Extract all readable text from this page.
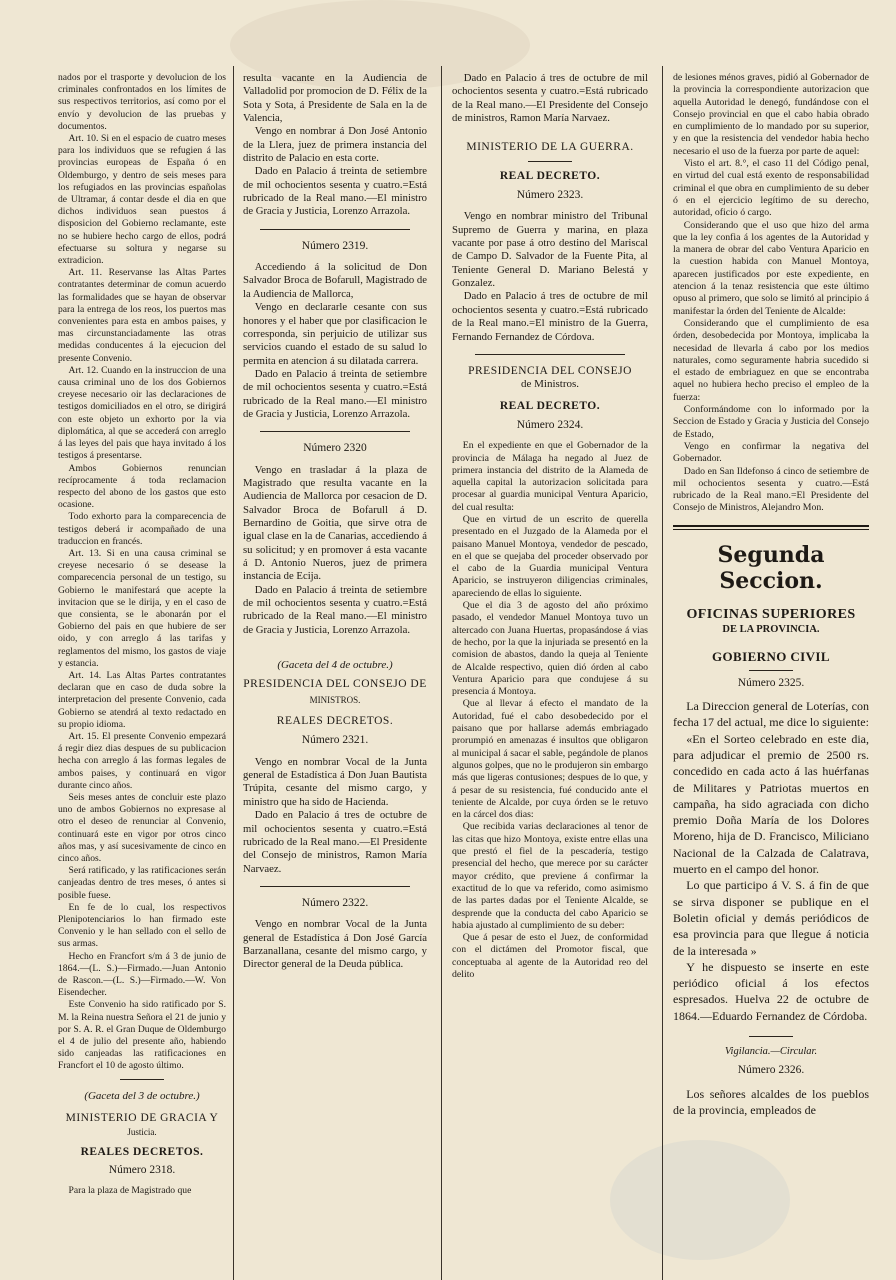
nados por el trasporte y devolucion de los criminales confrontados en los límites de sus respectivos territorios, así como por el envío y devolucion de las pruebas y documentos.

Art. 10. Si en el espacio de cuatro meses para los individuos que se refugien á las provincias europeas de España ó en Oldemburgo, y dentro de seis meses para los refugiados en las provincias españolas de Ultramar, á contar desde el dia en que dichos individuos sean puestos á disposicion del Gobierno reclamante, este no se hubiere hecho cargo de ellos, podrá efectuarse su soltura y negarse su extradicion.

Art. 11. Reservanse las Altas Partes contratantes determinar de comun acuerdo las formalidades que se hayan de observar para la entrega de los reos, los puertos mas convenientes para esta en ambos paises, y mas circunstanciadamente las otras medidas conducentes á la ejecucion del presente Convenio.

Art. 12. Cuando en la instruccion de una causa criminal uno de los dos Gobiernos creyese necesario oir las declaraciones de testigos domiciliados en el otro, se dirigirá con este objeto un exhorto por la via diplomática, al que se accederá con arreglo á las leyes del pais que haya invitado á los testigos á presentarse.

Ambos Gobiernos renuncian recíprocamente á toda reclamacion respecto del abono de los gastos que esto ocasione.

Todo exhorto para la comparecencia de testigos deberá ir acompañado de una traduccion en francés.

Art. 13. Si en una causa criminal se creyese necesario ó se desease la comparecencia personal de un testigo, su Gobierno le manifestará que acepte la invitacion que se le dirija, y en el caso de que consienta, se le abonarán por el Gobierno del pais en que hubiere de ser oido, y con arreglo á las tarifas y reglamentos del mismo, los gastos de viaje y estancia.

Art. 14. Las Altas Partes contratantes declaran que en caso de duda sobre la interpretacion del presente Convenio, cada Gobierno se atendrá al texto redactado en su propio idioma.

Art. 15. El presente Convenio empezará á regir diez dias despues de su publicacion hecha con arreglo á las formas legales de ambos paises, y continuará en vigor durante cinco años.

Seis meses antes de concluir este plazo uno de ambos Gobiernos no expresase al otro el deseo de renunciar al Convenio, continuará este en vigor por otros cinco años mas, y así sucesivamente de cinco en cinco años.

Será ratificado, y las ratificaciones serán canjeadas dentro de tres meses, ó antes si posible fuese.

En fe de lo cual, los respectivos Plenipotenciarios lo han firmado este Convenio y le han sellado con el sello de sus armas.

Hecho en Francfort s/m á 3 de junio de 1864.—(L. S.)—Firmado.—Juan Antonio de Rascon.—(L. S.)—Firmado.—W. Von Eisendecher.

Este Convenio ha sido ratificado por S. M. la Reina nuestra Señora el 21 de junio y por S. A. R. el Gran Duque de Oldemburgo el 4 de julio del presente año, habiendo sido canjeadas las ratificaciones en Francfort el 10 de agosto último.

(Gaceta del 3 de octubre.)
MINISTERIO DE GRACIA Y
Justicia.
REALES DECRETOS.
Número 2318.

Para la plaza de Magistrado que

resulta vacante en la Audiencia de Valladolid por promocion de D. Félix de la Sota y Sota, á Presidente de Sala en la de Valencia,

Vengo en nombrar á Don José Antonio de la Llera, juez de primera instancia del distrito de Palacio en esta corte.

Dado en Palacio á treinta de setiembre de mil ochocientos sesenta y cuatro.=Está rubricado de la Real mano.—El ministro de Gracia y Justicia, Lorenzo Arrazola.

Número 2319.

Accediendo á la solicitud de Don Salvador Broca de Bofarull, Magistrado de la Audiencia de Mallorca,

Vengo en declararle cesante con sus honores y el haber que por clasificacion le corresponda, sin perjuicio de utilizar sus servicios cuando el estado de su salud lo permita en atencion á su dilatada carrera.

Dado en Palacio á treinta de setiembre de mil ochocientos sesenta y cuatro.=Está rubricado de la Real mano.—El ministro de Gracia y Justicia, Lorenzo Arrazola.

Número 2320

Vengo en trasladar á la plaza de Magistrado que resulta vacante en la Audiencia de Mallorca por cesacion de D. Salvador Broca de Bofarull á D. Bernardino de Goitia, que sirve otra de igual clase en la de Canarias, accediendo á su solicitud; y en promover á esta vacante á D. Antonio Nueros, juez de primera instancia de Ecija.

Dado en Palacio á treinta de setiembre de mil ochocientos sesenta y cuatro.=Está rubricado de la Real mano.—El ministro de Gracia y Justicia, Lorenzo Arrazola.

(Gaceta del 4 de octubre.)
PRESIDENCIA DEL CONSEJO DE
MINISTROS.
REALES DECRETOS.
Número 2321.

Vengo en nombrar Vocal de la Junta general de Estadística á Don Juan Bautista Trúpita, cesante del mismo cargo, y ministro que ha sido de Hacienda.

Dado en Palacio á tres de octubre de mil ochocientos sesenta y cuatro.=Está rubricado de la Real mano.—El Presidente del Consejo de ministros, Ramon María Narvaez.

Número 2322.

Vengo en nombrar Vocal de la Junta general de Estadística á Don José García Barzanallana, cesante del mismo cargo, y Director general de la Deuda pública.

Dado en Palacio á tres de octubre de mil ochocientos sesenta y cuatro.=Está rubricado de la Real mano.—El Presidente del Consejo de ministros, Ramon María Narvaez.

MINISTERIO DE LA GUERRA.
REAL DECRETO.
Número 2323.

Vengo en nombrar ministro del Tribunal Supremo de Guerra y marina, en plaza vacante por pase á otro destino del Mariscal de Campo D. Salvador de la Fuente Pita, al Teniente General D. Mariano Belestá y Gonzalez.

Dado en Palacio á tres de octubre de mil ochocientos sesenta y cuatro.=Está rubricado de la Real mano.=El ministro de la Guerra, Fernando Fernandez de Córdova.

PRESIDENCIA DEL CONSEJO
de Ministros.
REAL DECRETO.
Número 2324.

En el expediente en que el Gobernador de la provincia de Málaga ha negado al Juez de primera instancia del distrito de la Alameda de aquella capital la autorizacion solicitada para procesar al guardia municipal Ventura Aparicio, del cual resulta:

Que en virtud de un escrito de querella presentado en el Juzgado de la Alameda por el paisano Manuel Montoya, vendedor de pescado, en el que se quejaba del proceder observado por el cabo de la Guardia municipal Ventura Aparicio, se instruyeron diligencias criminales, apareciendo de ellas lo siguiente.

Que el dia 3 de agosto del año próximo pasado, el vendedor Manuel Montoya tuvo un altercado con Juana Huertas, propasándose á vias de hecho, por la que la injuriada se presentó en la comision de abastos, dando la queja al Teniente de Alcalde respectivo, quien dió órden al cabo Ventura Aparicio para que condujese á su presencia á Montoya.

Que al llevar á efecto el mandato de la Autoridad, fué el cabo desobedecido por el paisano que por hallarse además embriagado prorumpió en amenazas é insultos que obligaron al municipal á sacar el sable, pegándole de planos algunos golpes, que no le produjeron sin embargo más que ligeras contusiones; despues de lo que, y á pesar de su resistencia, fué conducido ante el teniente de Alcalde, por cuya órden se le retuvo en la cárcel dos dias:

Que recibida varias declaraciones al tenor de las citas que hizo Montoya, existe entre ellas una que prestó el fiel de la pescadería, testigo presencial del hecho, que merece por su carácter mayor crédito, que previene á confirmar la exactitud de lo que va referido, como asimismo de las partes dadas por el Teniente Alcalde, se desprende que la conducta del cabo Aparicio se habia ajustado al cumplimiento de su deber:

Que á pesar de esto el Juez, de conformidad con el dictámen del Promotor fiscal, que conceptuaba al agente de la Autoridad reo del delito

de lesiones ménos graves, pidió al Gobernador de la provincia la correspondiente autorizacion que aquella Autoridad le denegó, fundándose con el Consejo provincial en que el cabo habia obrado en cumplimiento de lo mandado por su superior, y en que la resistencia del vendedor habia hecho necesario el uso de la fuerza por parte de aquel:

Visto el art. 8.°, el caso 11 del Código penal, en virtud del cual está exento de responsabilidad criminal el que obra en cumplimiento de su deber ó en el ejercicio legítimo de su derecho, autoridad, oficio ó cargo.

Considerando que el uso que hizo del arma que la ley confia á los agentes de la Autoridad y la manera de obrar del cabo Ventura Aparicio en la cuestion habida con Manuel Montoya, aparecen justificados por este expediente, en atencion á la tenaz resistencia que este último opuso al primero, que solo se limitó al principio á manifestar la órden del Teniente de Alcalde:

Considerando que el cumplimiento de esa órden, desobedecida por Montoya, implicaba la necesidad de llevarla á cabo por los medios naturales, como seguramente habria sucedido si el estado de embriaguez en que se encontraba aquel no hubiera hecho preciso el empleo de la fuerza:

Conformándome con lo informado por la Seccion de Estado y Gracia y Justicia del Consejo de Estado,

Vengo en confirmar la negativa del Gobernador.

Dado en San Ildefonso á cinco de setiembre de mil ochocientos sesenta y cuatro.—Está rubricado de la Real mano.=El Presidente del Consejo de Ministros, Alejandro Mon.

Segunda Seccion.
OFICINAS SUPERIORES
DE LA PROVINCIA.
GOBIERNO CIVIL
Número 2325.

La Direccion general de Loterías, con fecha 17 del actual, me dice lo siguiente:

«En el Sorteo celebrado en este dia, para adjudicar el premio de 2500 rs. concedido en cada acto á las huérfanas de Militares y Patriotas muertos en campaña, ha sido agraciada con dicho premio Doña María de los Dolores Moreno, hija de D. Francisco, Miliciano Nacional de la Calzada de Calatrava, muerto en el campo del honor.

Lo que participo á V. S. á fin de que se sirva disponer se publique en el Boletin oficial y demás periódicos de esa provincia para que llegue á noticia de la interesada »

Y he dispuesto se inserte en este periódico oficial á los efectos espresados. Huelva 22 de octubre de 1864.—Eduardo Fernandez de Córdoba.

Vigilancia.—Circular.
Número 2326.

Los señores alcaldes de los pueblos de la provincia, empleados de
